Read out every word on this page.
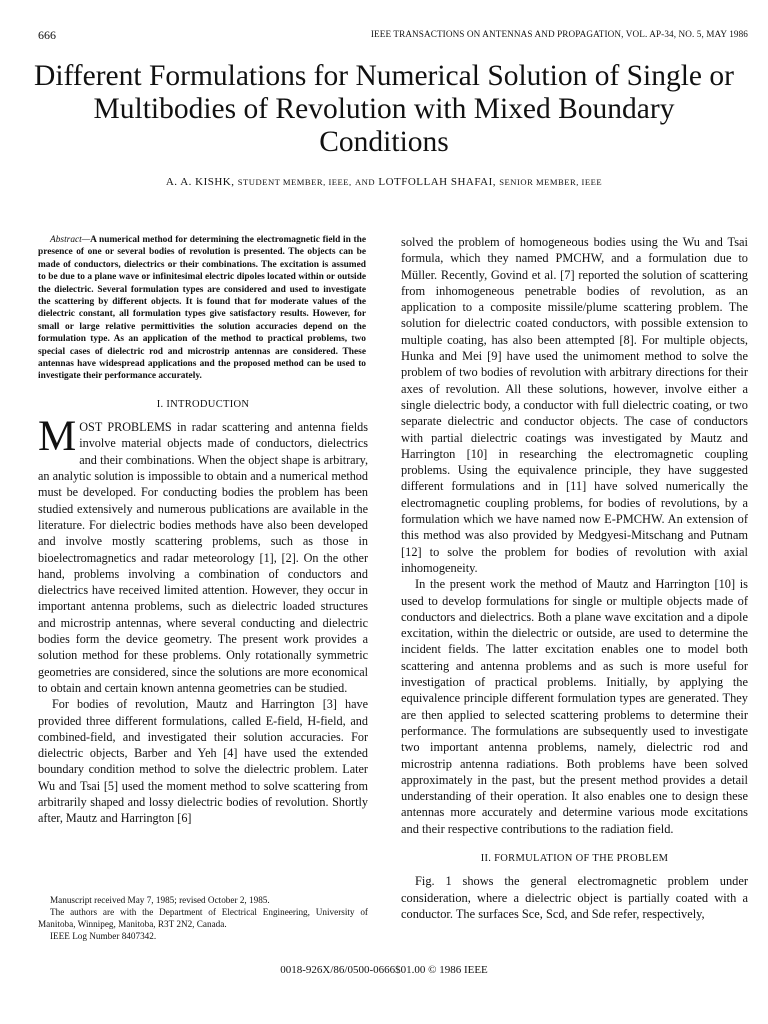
666	IEEE TRANSACTIONS ON ANTENNAS AND PROPAGATION, VOL. AP-34, NO. 5, MAY 1986
Different Formulations for Numerical Solution of Single or Multibodies of Revolution with Mixed Boundary Conditions
A. A. KISHK, STUDENT MEMBER, IEEE, AND LOTFOLLAH SHAFAI, SENIOR MEMBER, IEEE

Abstract—A numerical method for determining the electromagnetic field in the presence of one or several bodies of revolution is presented. The objects can be made of conductors, dielectrics or their combinations. The excitation is assumed to be due to a plane wave or infinitesimal electric dipoles located within or outside the dielectric. Several formulation types are considered and used to investigate the scattering by different objects. It is found that for moderate values of the dielectric constant, all formulation types give satisfactory results. However, for small or large relative permittivities the solution accuracies depend on the formulation type. As an application of the method to practical problems, two special cases of dielectric rod and microstrip antennas are considered. These antennas have widespread applications and the proposed method can be used to investigate their performance accurately.

I. INTRODUCTION

MOST PROBLEMS in radar scattering and antenna fields involve material objects made of conductors, dielectrics and their combinations. When the object shape is arbitrary, an analytic solution is impossible to obtain and a numerical method must be developed. For conducting bodies the problem has been studied extensively and numerous publications are available in the literature. For dielectric bodies methods have also been developed and involve mostly scattering problems, such as those in bioelectromagnetics and radar meteorology [1], [2]. On the other hand, problems involving a combination of conductors and dielectrics have received limited attention. However, they occur in important antenna problems, such as dielectric loaded structures and microstrip antennas, where several conducting and dielectric bodies form the device geometry. The present work provides a solution method for these problems. Only rotationally symmetric geometries are considered, since the solutions are more economical to obtain and certain known antenna geometries can be studied.

For bodies of revolution, Mautz and Harrington [3] have provided three different formulations, called E-field, H-field, and combined-field, and investigated their solution accuracies. For dielectric objects, Barber and Yeh [4] have used the extended boundary condition method to solve the dielectric problem. Later Wu and Tsai [5] used the moment method to solve scattering from arbitrarily shaped and lossy dielectric bodies of revolution. Shortly after, Mautz and Harrington [6]

solved the problem of homogeneous bodies using the Wu and Tsai formula, which they named PMCHW, and a formulation due to Müller. Recently, Govind et al. [7] reported the solution of scattering from inhomogeneous penetrable bodies of revolution, as an application to a composite missile/plume scattering problem. The solution for dielectric coated conductors, with possible extension to multiple coating, has also been attempted [8]. For multiple objects, Hunka and Mei [9] have used the unimoment method to solve the problem of two bodies of revolution with arbitrary directions for their axes of revolution. All these solutions, however, involve either a single dielectric body, a conductor with full dielectric coating, or two separate dielectric and conductor objects. The case of conductors with partial dielectric coatings was investigated by Mautz and Harrington [10] in researching the electromagnetic coupling problems. Using the equivalence principle, they have suggested different formulations and in [11] have solved numerically the electromagnetic coupling problems, for bodies of revolutions, by a formulation which we have named now E-PMCHW. An extension of this method was also provided by Medgyesi-Mitschang and Putnam [12] to solve the problem for bodies of revolution with axial inhomogeneity.

In the present work the method of Mautz and Harrington [10] is used to develop formulations for single or multiple objects made of conductors and dielectrics. Both a plane wave excitation and a dipole excitation, within the dielectric or outside, are used to determine the incident fields. The latter excitation enables one to model both scattering and antenna problems and as such is more useful for investigation of practical problems. Initially, by applying the equivalence principle different formulation types are generated. They are then applied to selected scattering problems to determine their performance. The formulations are subsequently used to investigate two important antenna problems, namely, dielectric rod and microstrip antenna radiations. Both problems have been solved approximately in the past, but the present method provides a detail understanding of their operation. It also enables one to design these antennas more accurately and determine various mode excitations and their respective contributions to the radiation field.

II. FORMULATION OF THE PROBLEM

Fig. 1 shows the general electromagnetic problem under consideration, where a dielectric object is partially coated with a conductor. The surfaces Sce, Scd, and Sde refer, respectively,

Manuscript received May 7, 1985; revised October 2, 1985.

The authors are with the Department of Electrical Engineering, University of Manitoba, Winnipeg, Manitoba, R3T 2N2, Canada.

IEEE Log Number 8407342.

0018-926X/86/0500-0666$01.00 © 1986 IEEE
